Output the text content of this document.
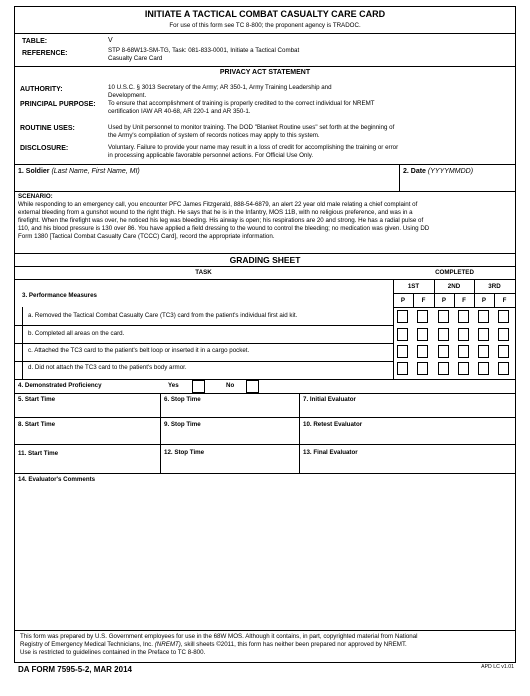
INITIATE A TACTICAL COMBAT CASUALTY CARE CARD
For use of this form see TC 8-800; the proponent agency is TRADOC.
TABLE:	V
REFERENCE:	STP 8-68W13-SM-TG, Task: 081-833-0001, Initiate a Tactical Combat
Casualty Care Card
PRIVACY ACT STATEMENT
AUTHORITY:	10 U.S.C. § 3013 Secretary of the Army; AR 350-1, Army Training Leadership and
Development.
PRINCIPAL PURPOSE: To ensure that accomplishment of training is properly credited to the correct individual for NREMT
certification IAW AR 40-68, AR 220-1 and AR 350-1.
ROUTINE USES:	Used by Unit personnel to monitor training. The DOD "Blanket Routine uses" set forth at the beginning of
the Army's compilation of system of records notices may apply to this system.
DISCLOSURE:	Voluntary. Failure to provide your name may result in a loss of credit for accomplishing the training or error
in processing applicable favorable personnel actions. For Official Use Only.
1. Soldier (Last Name, First Name, MI)	2. Date (YYYYMMDD)
SCENARIO:
While responding to an emergency call, you encounter PFC James Fitzgerald, 888-54-6879, an alert 22 year old male relating a chief complaint of
external bleeding from a gunshot wound to the right thigh. He says that he is in the Infantry, MOS 11B, with no religious preference, and was in a
firefight. When the firefight was over, he noticed his leg was bleeding. His airway is open; his respirations are 20 and strong. He has a radial pulse of
110, and his blood pressure is 130 over 86. You have applied a field dressing to the wound to control the bleeding; no medication was given. Using DD
Form 1380 [Tactical Combat Casualty Care (TCCC) Card], record the appropriate information.
GRADING SHEET
TASK	COMPLETED
1ST	2ND	3RD
P	F	P	F	P	F
3. Performance Measures
a. Removed the Tactical Combat Casualty Care (TC3) card from the patient's individual first aid kit.
b. Completed all areas on the card.
c. Attached the TC3 card to the patient's belt loop or inserted it in a cargo pocket.
d. Did not attach the TC3 card to the patient's body armor.
4. Demonstrated Proficiency	Yes	No
5. Start Time	6. Stop Time	7. Initial Evaluator
8. Start Time	9. Stop Time	10. Retest Evaluator
11. Start Time	12. Stop Time	13. Final Evaluator
14. Evaluator's Comments
This form was prepared by U.S. Government employees for use in the 68W MOS. Although it contains, in part, copyrighted material from National
Registry of Emergency Medical Technicians, Inc. (NREMT), skill sheets ©2011, this form has neither been prepared nor approved by NREMT.
Use is restricted to guidelines contained in the Preface to TC 8-800.
DA FORM 7595-5-2, MAR 2014	APD LC v1.01
